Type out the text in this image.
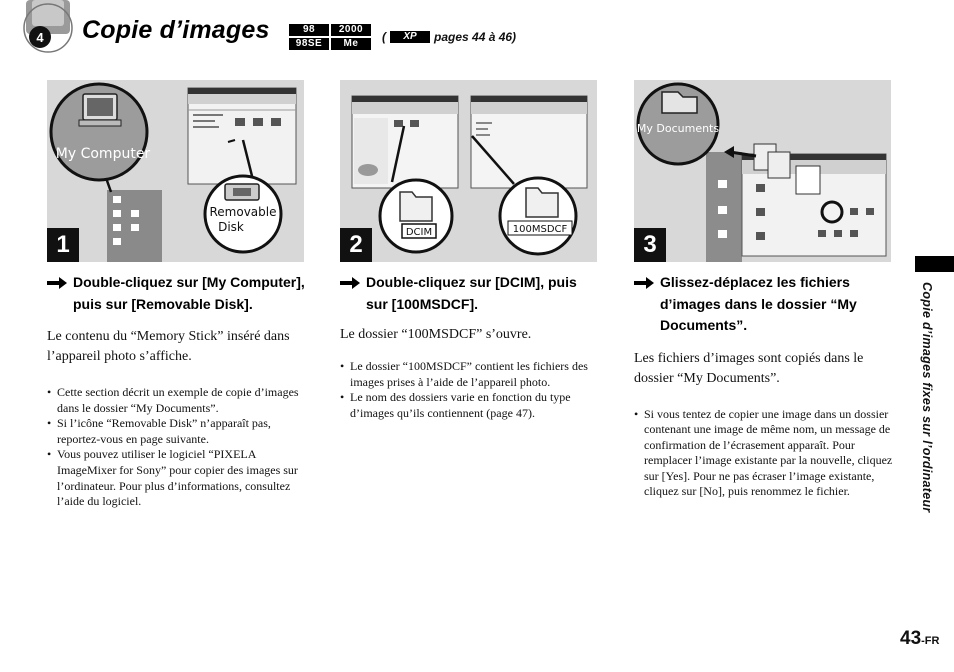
4 Copie d’images	98	2000
98SE	Me	(	XP	pages 44 à 46)
My Computer
Removable
Disk
1	DCIM	100MSDCF
2
My Documents
3
Double-cliquez sur [My Computer], puis sur [Removable Disk].

Le contenu du “Memory Stick” inséré dans l’appareil photo s’affiche.

• Cette section décrit un exemple de copie d’images dans le dossier “My Documents”.
• Si l’icône “Removable Disk” n’apparaît pas, reportez-vous en page suivante.
• Vous pouvez utiliser le logiciel “PIXELA ImageMixer for Sony” pour copier des images sur l’ordinateur. Pour plus d’informations, consultez l’aide du logiciel.
Double-cliquez sur [DCIM], puis sur [100MSDCF].

Le dossier “100MSDCF” s’ouvre.

• Le dossier “100MSDCF” contient les fichiers des images prises à l’aide de l’appareil photo.
• Le nom des dossiers varie en fonction du type d’images qu’ils contiennent (page 47).
Glissez-déplacez les fichiers d’images dans le dossier “My Documents”.

Les fichiers d’images sont copiés dans le dossier “My Documents”.

• Si vous tentez de copier une image dans un dossier contenant une image de même nom, un message de confirmation de l’écrasement apparaît. Pour remplacer l’image existante par la nouvelle, cliquez sur [Yes]. Pour ne pas écraser l’image existante, cliquez sur [No], puis renommez le fichier.	Copie d’images fixes sur l’ordinateur
43-FR
